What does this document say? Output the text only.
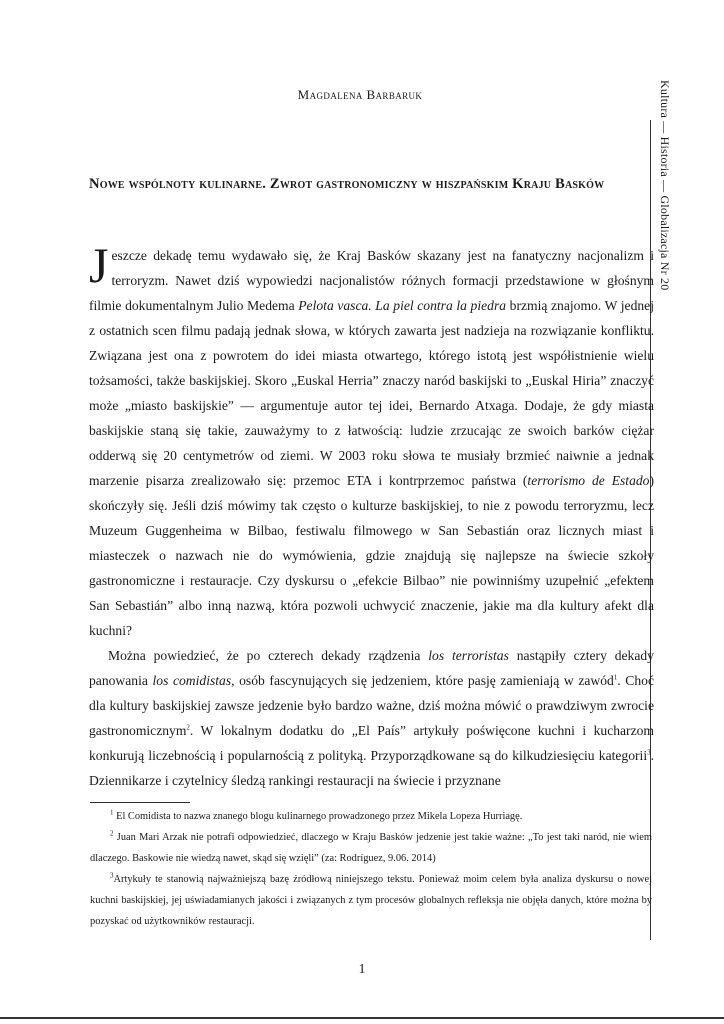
Kultura — Historia — Globalizacja Nr 20
Magdalena Barbaruk
Nowe wspólnoty kulinarne. Zwrot gastronomiczny w hiszpańskim Kraju Basków

Jeszcze dekadę temu wydawało się, że Kraj Basków skazany jest na fanatyczny nacjonalizm i terroryzm. Nawet dziś wypowiedzi nacjonalistów różnych formacji przedstawione w głośnym filmie dokumentalnym Julio Medema Pelota vasca. La piel contra la piedra brzmią znajomo. W jednej z ostatnich scen filmu padają jednak słowa, w których zawarta jest nadzieja na rozwiązanie konfliktu. Związana jest ona z powrotem do idei miasta otwartego, którego istotą jest współistnienie wielu tożsamości, także baskijskiej. Skoro „Euskal Herria” znaczy naród baskijski to „Euskal Hiria” znaczyć może „miasto baskijskie” — argumentuje autor tej idei, Bernardo Atxaga. Dodaje, że gdy miasta baskijskie staną się takie, zauważymy to z łatwością: ludzie zrzucając ze swoich barków ciężar odderwą się 20 centymetrów od ziemi. W 2003 roku słowa te musiały brzmieć naiwnie a jednak marzenie pisarza zrealizowało się: przemoc ETA i kontrprzemoc państwa (terrorismo de Estado) skończyły się. Jeśli dziś mówimy tak często o kulturze baskijskiej, to nie z powodu terroryzmu, lecz Muzeum Guggenheima w Bilbao, festiwalu filmowego w San Sebastián oraz licznych miast i miasteczek o nazwach nie do wymówienia, gdzie znajdują się najlepsze na świecie szkoły gastronomiczne i restauracje. Czy dyskursu o „efekcie Bilbao” nie powinniśmy uzupełnić „efektem San Sebastián” albo inną nazwą, która pozwoli uchwycić znaczenie, jakie ma dla kultury afekt dla kuchni?

Można powiedzieć, że po czterech dekady rządzenia los terroristas nastąpiły cztery dekady panowania los comidistas, osób fascynujących się jedzeniem, które pasję zamieniają w zawód$^1$. Choć dla kultury baskijskiej zawsze jedzenie było bardzo ważne, dziś można mówić o prawdziwym zwrocie gastronomicznym$^2$. W lokalnym dodatku do „El País” artykuły poświęcone kuchni i kucharzom konkurują liczebnością i popularnością z polityką. Przyporządkowane są do kilkudziesięciu kategorii$^3$. Dziennikarze i czytelnicy śledzą rankingi restauracji na świecie i przyznane

$^1$ El Comidista to nazwa znanego blogu kulinarnego prowadzonego przez Mikela Lopeza Hurriagę.

$^2$ Juan Mari Arzak nie potrafi odpowiedzieć, dlaczego w Kraju Basków jedzenie jest takie ważne: „To jest taki naród, nie wiem dlaczego. Baskowie nie wiedzą nawet, skąd się wzięli” (za: Rodríguez, 9.06. 2014)

$^3$Artykuły te stanowią najważniejszą bazę źródłową niniejszego tekstu. Ponieważ moim celem była analiza dyskursu o nowej kuchni baskijskiej, jej uświadamianych jakości i związanych z tym procesów globalnych refleksja nie objęła danych, które można by pozyskać od użytkowników restauracji.

1
